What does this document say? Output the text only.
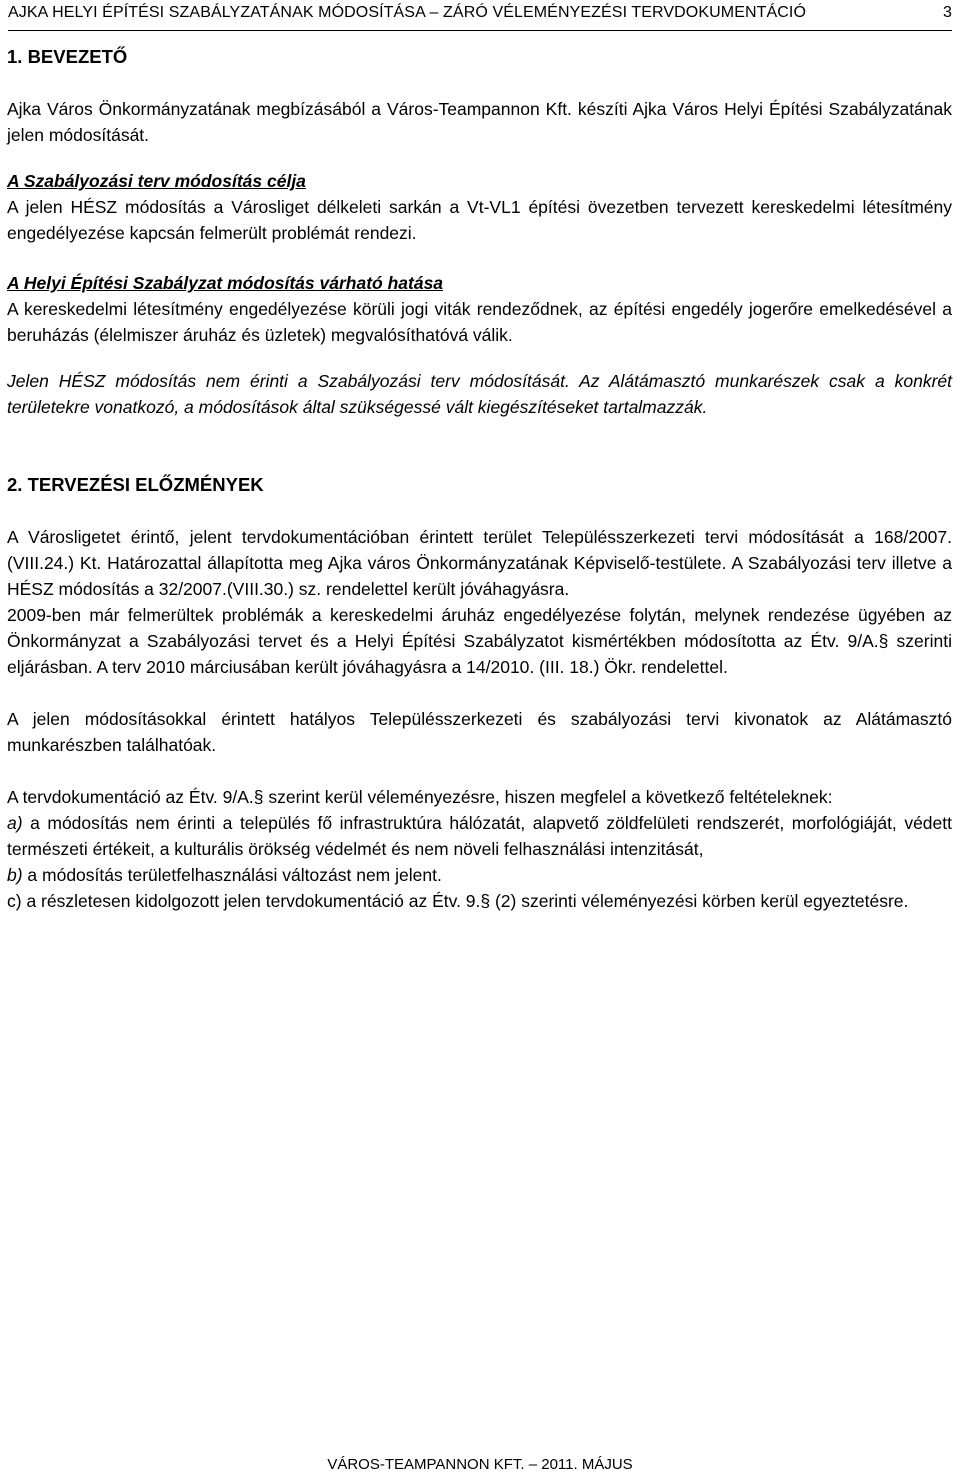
AJKA HELYI ÉPÍTÉSI SZABÁLYZATÁNAK MÓDOSÍTÁSA – ZÁRÓ VÉLEMÉNYEZÉSI TERVDOKUMENTÁCIÓ	3
1. BEVEZETŐ

Ajka Város Önkormányzatának megbízásából a Város-Teampannon Kft. készíti Ajka Város Helyi Építési Szabályzatának jelen módosítását.

A Szabályozási terv módosítás célja

A jelen HÉSZ módosítás a Városliget délkeleti sarkán a Vt-VL1 építési övezetben tervezett kereskedelmi létesítmény engedélyezése kapcsán felmerült problémát rendezi.

A Helyi Építési Szabályzat módosítás várható hatása

A kereskedelmi létesítmény engedélyezése körüli jogi viták rendeződnek, az építési engedély jogerőre emelkedésével a beruházás (élelmiszer áruház és üzletek) megvalósíthatóvá válik.

Jelen HÉSZ módosítás nem érinti a Szabályozási terv módosítását. Az Alátámasztó munkarészek csak a konkrét területekre vonatkozó, a módosítások által szükségessé vált kiegészítéseket tartalmazzák.

2. TERVEZÉSI ELŐZMÉNYEK

A Városligetet érintő, jelent tervdokumentációban érintett terület Településszerkezeti tervi módosítását a 168/2007. (VIII.24.) Kt. Határozattal állapította meg Ajka város Önkormányzatának Képviselő-testülete. A Szabályozási terv illetve a HÉSZ módosítás a 32/2007.(VIII.30.) sz. rendelettel került jóváhagyásra.

2009-ben már felmerültek problémák a kereskedelmi áruház engedélyezése folytán, melynek rendezése ügyében az Önkormányzat a Szabályozási tervet és a Helyi Építési Szabályzatot kismértékben módosította az Étv. 9/A.§ szerinti eljárásban. A terv 2010 márciusában került jóváhagyásra a 14/2010. (III. 18.) Ökr. rendelettel.

A jelen módosításokkal érintett hatályos Településszerkezeti és szabályozási tervi kivonatok az Alátámasztó munkarészben találhatóak.

A tervdokumentáció az Étv. 9/A.§ szerint kerül véleményezésre, hiszen megfelel a következő feltételeknek:

a) a módosítás nem érinti a település fő infrastruktúra hálózatát, alapvető zöldfelületi rendszerét, morfológiáját, védett természeti értékeit, a kulturális örökség védelmét és nem növeli felhasználási intenzitását,

b) a módosítás területfelhasználási változást nem jelent.

c) a részletesen kidolgozott jelen tervdokumentáció az Étv. 9.§ (2) szerinti véleményezési körben kerül egyeztetésre.

VÁROS-TEAMPANNON KFT. – 2011. MÁJUS
